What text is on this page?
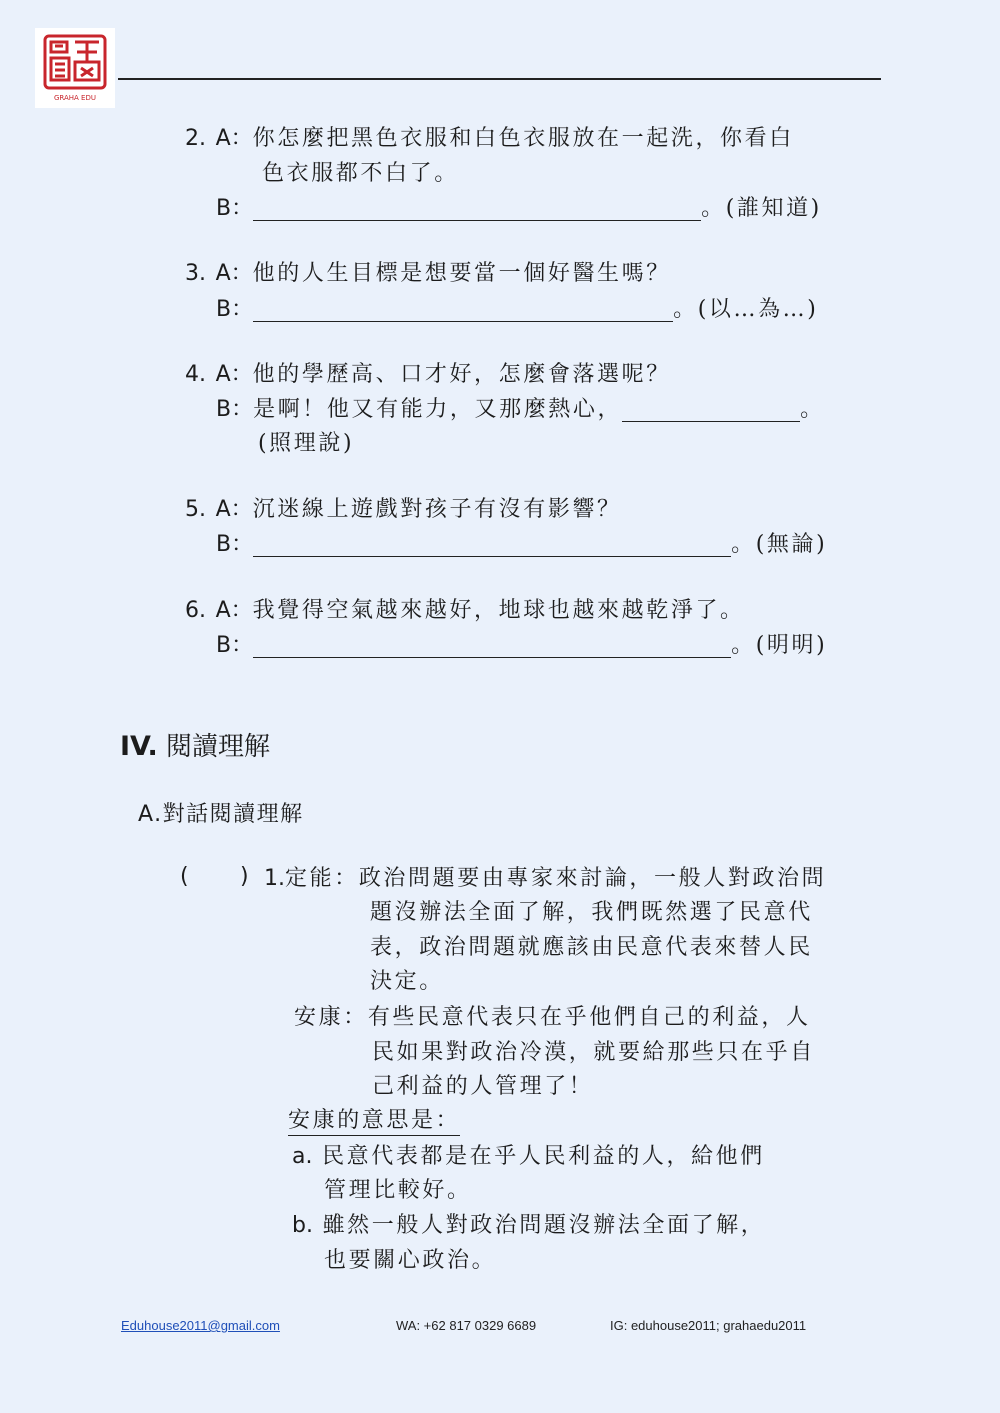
GRAHA EDU
2. A：你怎麼把黑色衣服和白色衣服放在一起洗，你看白
色衣服都不白了。
B：	。(誰知道)
3. A：他的人生目標是想要當一個好醫生嗎？
B：	。(以…為…)
4. A：他的學歷高、口才好，怎麼會落選呢？
B：是啊！他又有能力，又那麼熱心，	。
(照理說)
5. A：沉迷線上遊戲對孩子有沒有影響？
B：	。(無論)
6. A：我覺得空氣越來越好，地球也越來越乾淨了。
B：	。(明明)
IV. 閱讀理解
A.對話閱讀理解
( ) 1.定能：政治問題要由專家來討論，一般人對政治問
題沒辦法全面了解，我們既然選了民意代
表，政治問題就應該由民意代表來替人民
決定。
安康：有些民意代表只在乎他們自己的利益，人
民如果對政治冷漠，就要給那些只在乎自
己利益的人管理了！
安康的意思是：
a. 民意代表都是在乎人民利益的人，給他們
管理比較好。
b. 雖然一般人對政治問題沒辦法全面了解，
也要關心政治。
Eduhouse2011@gmail.com	WA: +62 817 0329 6689	IG: eduhouse2011; grahaedu2011
